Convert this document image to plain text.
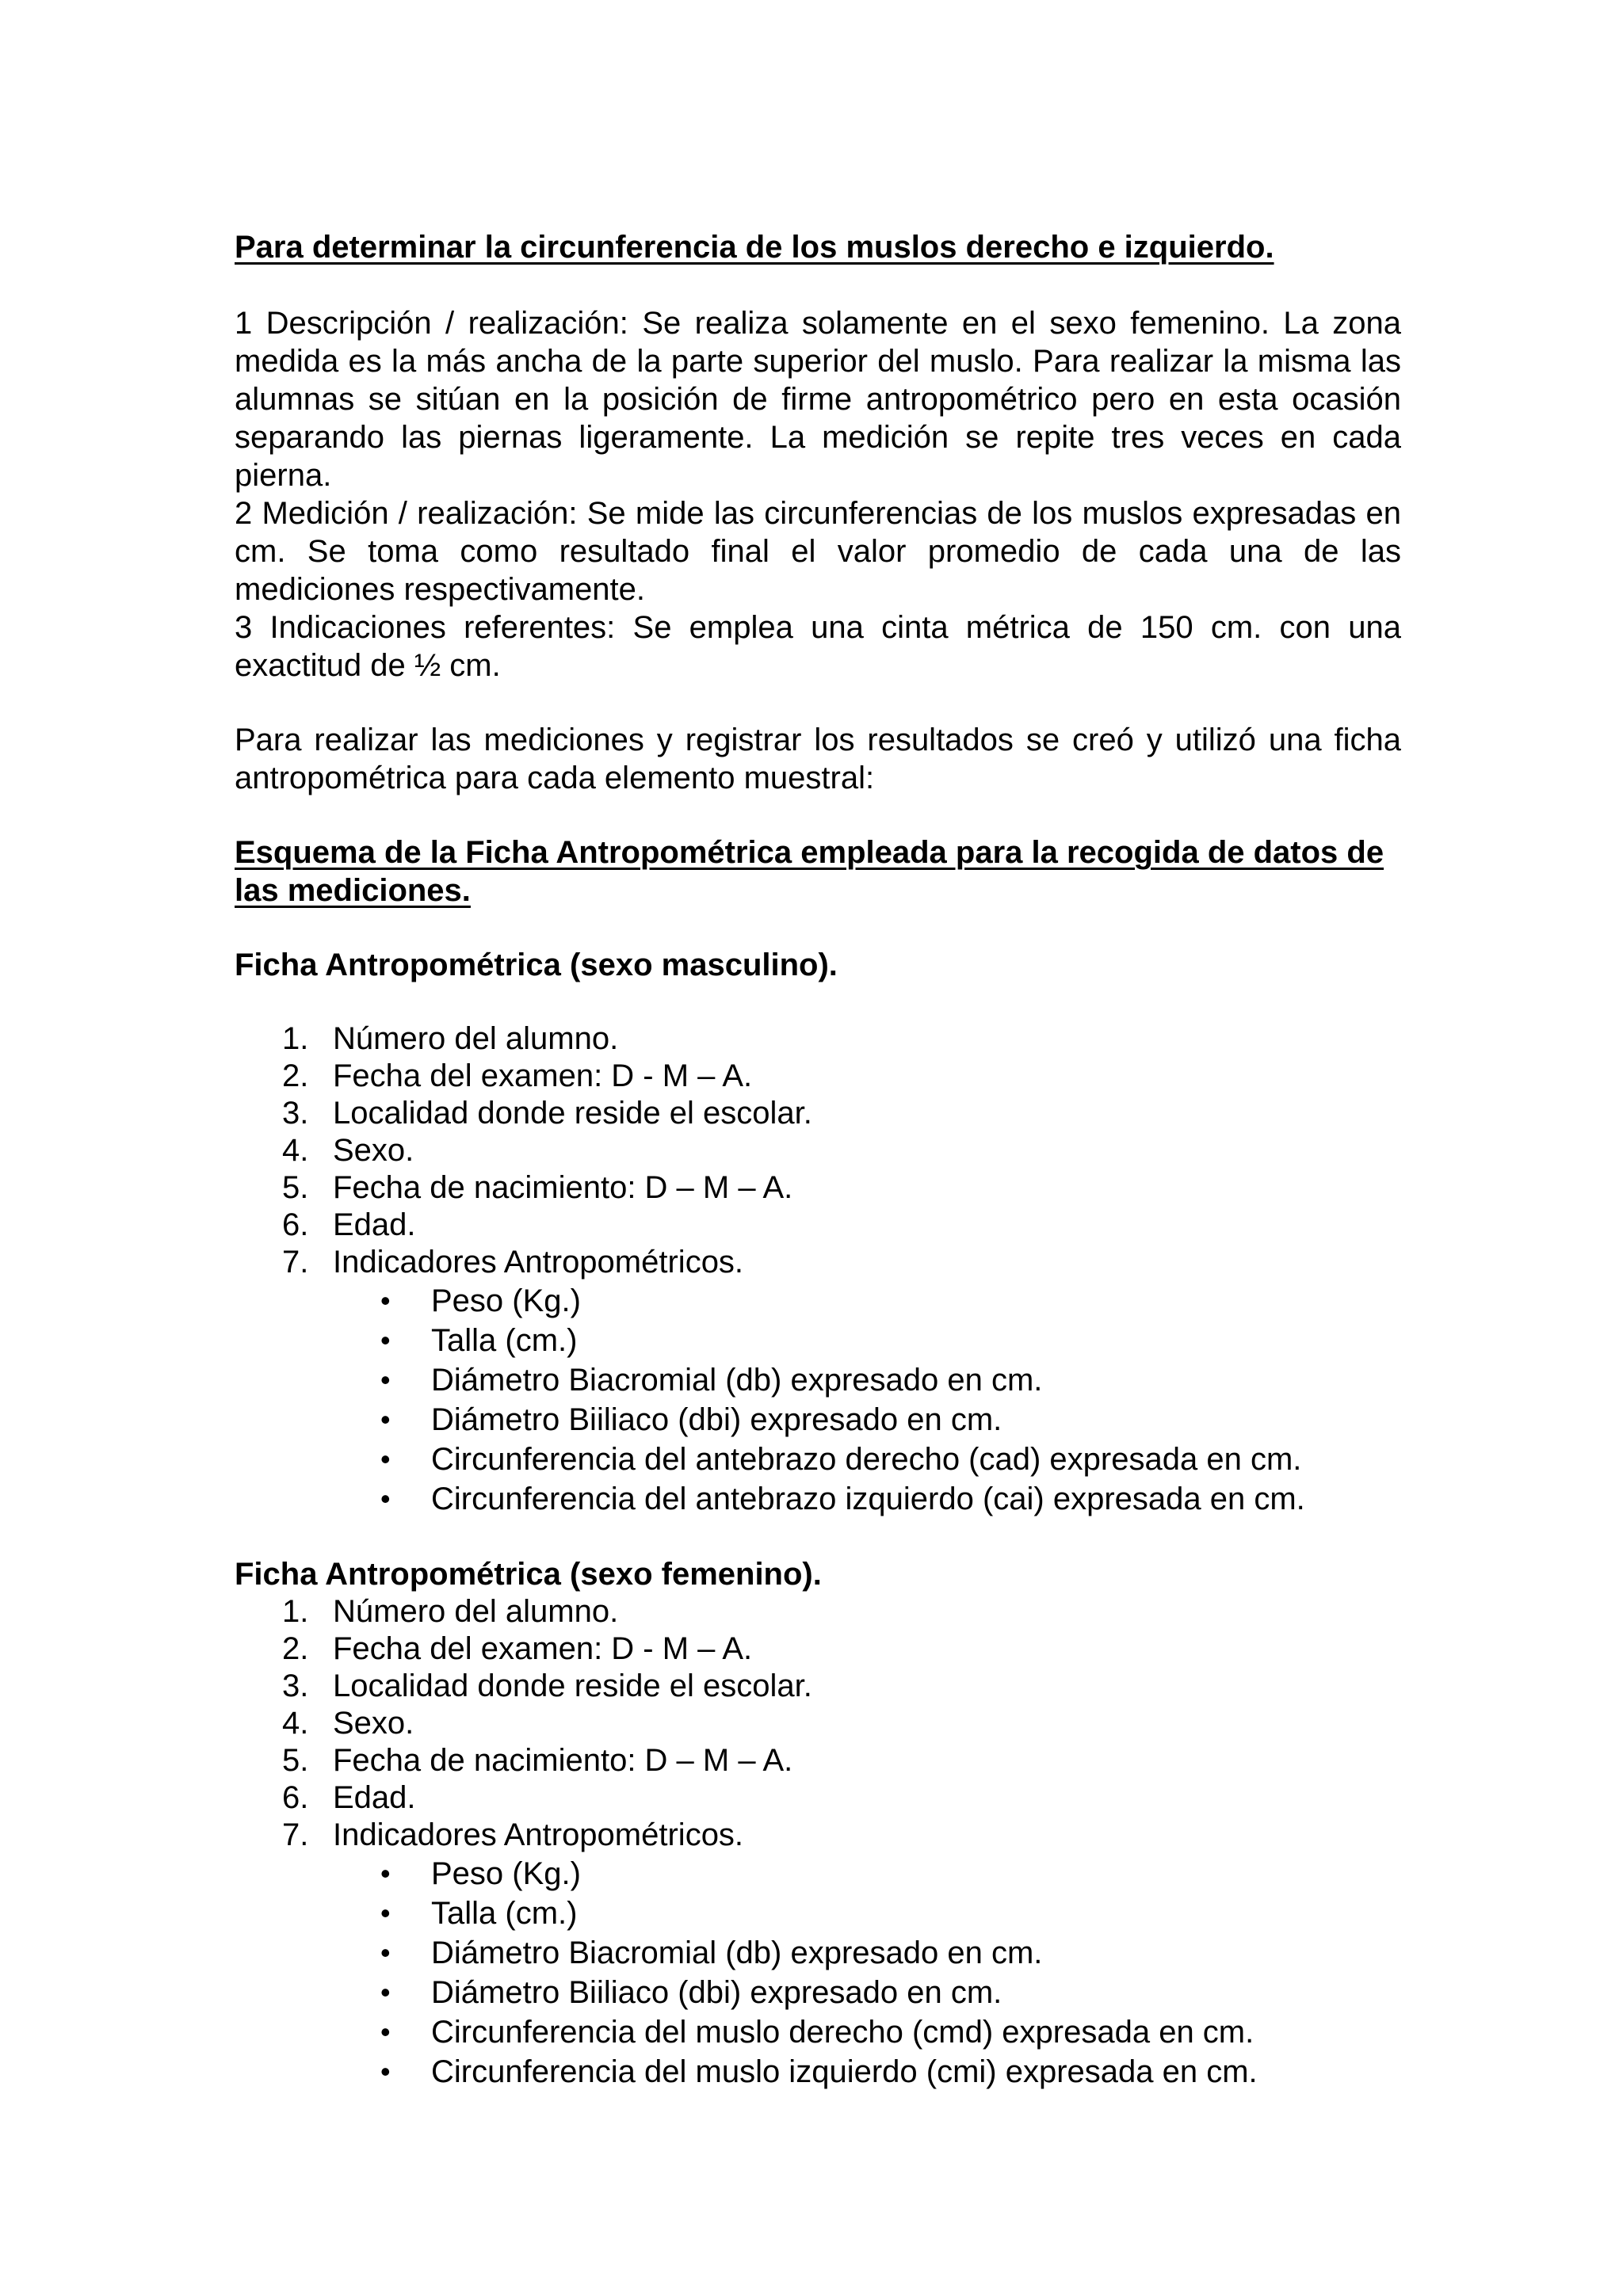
Para determinar la circunferencia de los muslos derecho e izquierdo.

1 Descripción / realización: Se realiza solamente en el sexo femenino. La zona medida es la más ancha de la parte superior del muslo. Para realizar la misma las alumnas se sitúan en la posición de firme antropométrico pero en esta ocasión separando las piernas ligeramente. La medición se repite tres veces en cada pierna.

2 Medición / realización: Se mide las circunferencias de los muslos expresadas en cm. Se toma como resultado final el valor promedio de cada una de las mediciones respectivamente.

3 Indicaciones referentes: Se emplea una cinta métrica de 150 cm. con una exactitud de ½ cm.

Para realizar las mediciones y registrar los resultados se creó y utilizó una ficha antropométrica para cada elemento muestral:

Esquema de la Ficha Antropométrica empleada para la recogida de datos de las mediciones.

Ficha Antropométrica (sexo masculino).

1. Número del alumno.
2. Fecha del examen: D - M – A.
3. Localidad donde reside el escolar.
4. Sexo.
5. Fecha de nacimiento: D – M – A.
6. Edad.
7. Indicadores Antropométricos.
• Peso (Kg.)
• Talla (cm.)
• Diámetro Biacromial (db) expresado en cm.
• Diámetro Biiliaco (dbi) expresado en cm.
• Circunferencia del antebrazo derecho (cad) expresada en cm.
• Circunferencia del antebrazo izquierdo (cai) expresada en cm.

Ficha Antropométrica (sexo femenino).

1. Número del alumno.
2. Fecha del examen: D - M – A.
3. Localidad donde reside el escolar.
4. Sexo.
5. Fecha de nacimiento: D – M – A.
6. Edad.
7. Indicadores Antropométricos.
• Peso (Kg.)
• Talla (cm.)
• Diámetro Biacromial (db) expresado en cm.
• Diámetro Biiliaco (dbi) expresado en cm.
• Circunferencia del muslo derecho (cmd) expresada en cm.
• Circunferencia del muslo izquierdo (cmi) expresada en cm.
